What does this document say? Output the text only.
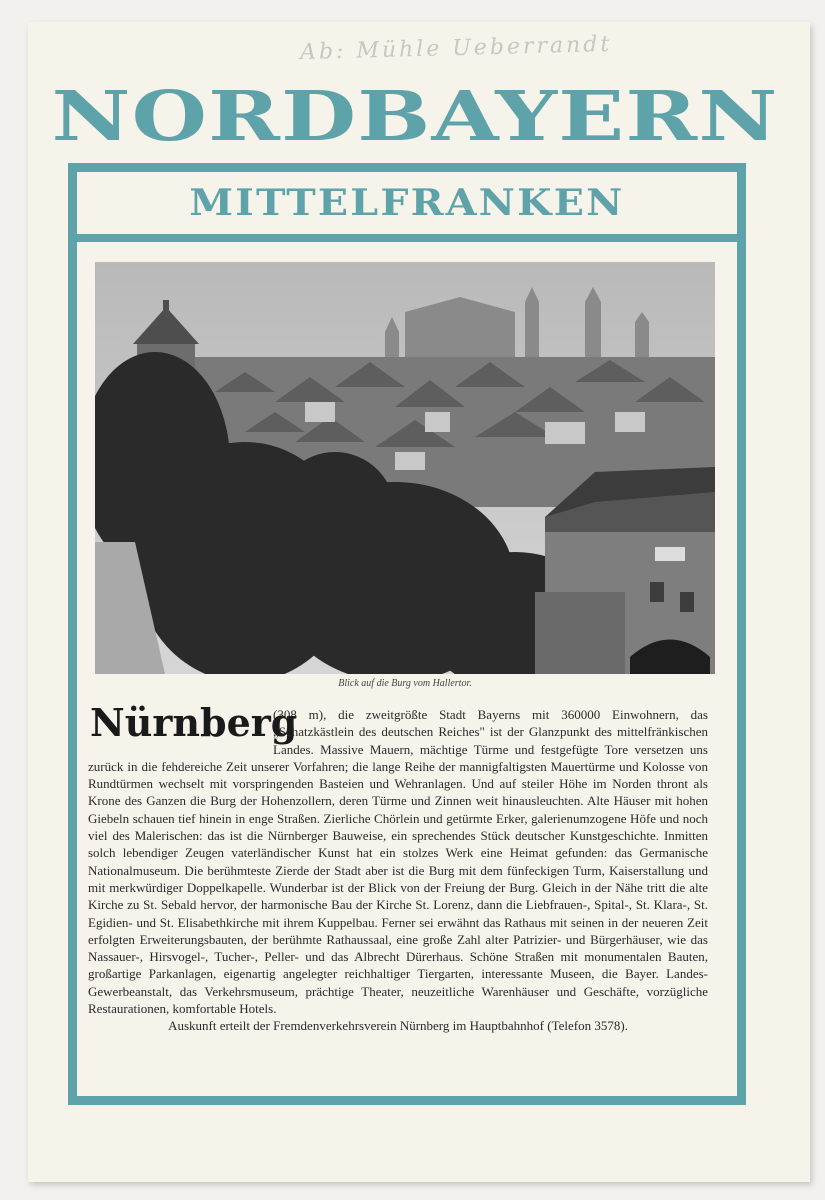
Ab: Mühle Ueberrandt
NORDBAYERN
MITTELFRANKEN
Blick auf die Burg vom Hallertor.
Nürnberg
(308 m), die zweitgrößte Stadt Bayerns mit 360000 Einwohnern, das „Schatzkästlein des deutschen Reiches" ist der Glanzpunkt des mittelfränkischen Landes. Massive Mauern, mächtige Türme und festgefügte Tore versetzen uns zurück in die fehdereiche Zeit unserer Vorfahren; die lange Reihe der mannigfaltigsten Mauertürme und Kolosse von Rundtürmen wechselt mit vorspringenden Basteien und Wehranlagen. Und auf steiler Höhe im Norden thront als Krone des Ganzen die Burg der Hohenzollern, deren Türme und Zinnen weit hinausleuchten. Alte Häuser mit hohen Giebeln schauen tief hinein in enge Straßen. Zierliche Chörlein und getürmte Erker, galerienumzogene Höfe und noch viel des Malerischen: das ist die Nürnberger Bauweise, ein sprechendes Stück deutscher Kunstgeschichte. Inmitten solch lebendiger Zeugen vaterländischer Kunst hat ein stolzes Werk eine Heimat gefunden: das Germanische Nationalmuseum. Die berühmteste Zierde der Stadt aber ist die Burg mit dem fünfeckigen Turm, Kaiserstallung und mit merkwürdiger Doppelkapelle. Wunderbar ist der Blick von der Freiung der Burg. Gleich in der Nähe tritt die alte Kirche zu St. Sebald hervor, der harmonische Bau der Kirche St. Lorenz, dann die Liebfrauen-, Spital-, St. Klara-, St. Egidien- und St. Elisabethkirche mit ihrem Kuppelbau. Ferner sei erwähnt das Rathaus mit seinen in der neueren Zeit erfolgten Erweiterungsbauten, der berühmte Rathaussaal, eine große Zahl alter Patrizier- und Bürgerhäuser, wie das Nassauer-, Hirsvogel-, Tucher-, Peller- und das Albrecht Dürerhaus. Schöne Straßen mit monumentalen Bauten, großartige Parkanlagen, eigenartig angelegter reichhaltiger Tiergarten, interessante Museen, die Bayer. Landes-Gewerbeanstalt, das Verkehrsmuseum, prächtige Theater, neuzeitliche Warenhäuser und Geschäfte, vorzügliche Restaurationen, komfortable Hotels.
Auskunft erteilt der Fremdenverkehrsverein Nürnberg im Hauptbahnhof (Telefon 3578).
